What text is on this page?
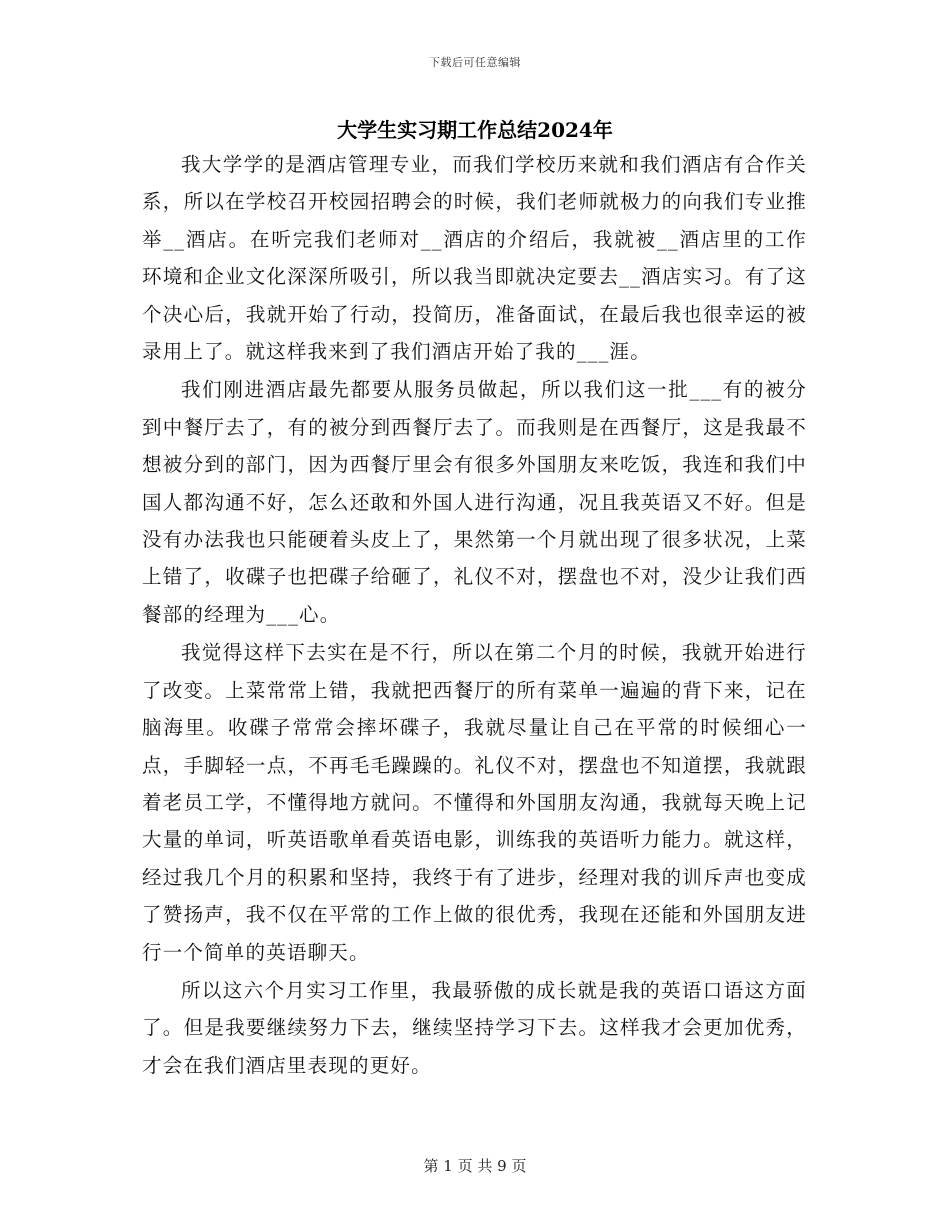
下载后可任意编辑
大学生实习期工作总结2024年

我大学学的是酒店管理专业，而我们学校历来就和我们酒店有合作关系，所以在学校召开校园招聘会的时候，我们老师就极力的向我们专业推举__酒店。在听完我们老师对__酒店的介绍后，我就被__酒店里的工作环境和企业文化深深所吸引，所以我当即就决定要去__酒店实习。有了这个决心后，我就开始了行动，投简历，准备面试，在最后我也很幸运的被录用上了。就这样我来到了我们酒店开始了我的___涯。

我们刚进酒店最先都要从服务员做起，所以我们这一批___有的被分到中餐厅去了，有的被分到西餐厅去了。而我则是在西餐厅，这是我最不想被分到的部门，因为西餐厅里会有很多外国朋友来吃饭，我连和我们中国人都沟通不好，怎么还敢和外国人进行沟通，况且我英语又不好。但是没有办法我也只能硬着头皮上了，果然第一个月就出现了很多状况，上菜上错了，收碟子也把碟子给砸了，礼仪不对，摆盘也不对，没少让我们西餐部的经理为___心。

我觉得这样下去实在是不行，所以在第二个月的时候，我就开始进行了改变。上菜常常上错，我就把西餐厅的所有菜单一遍遍的背下来，记在脑海里。收碟子常常会摔坏碟子，我就尽量让自己在平常的时候细心一点，手脚轻一点，不再毛毛躁躁的。礼仪不对，摆盘也不知道摆，我就跟着老员工学，不懂得地方就问。不懂得和外国朋友沟通，我就每天晚上记大量的单词，听英语歌单看英语电影，训练我的英语听力能力。就这样，经过我几个月的积累和坚持，我终于有了进步，经理对我的训斥声也变成了赞扬声，我不仅在平常的工作上做的很优秀，我现在还能和外国朋友进行一个简单的英语聊天。

所以这六个月实习工作里，我最骄傲的成长就是我的英语口语这方面了。但是我要继续努力下去，继续坚持学习下去。这样我才会更加优秀，才会在我们酒店里表现的更好。

第 1 页 共 9 页
